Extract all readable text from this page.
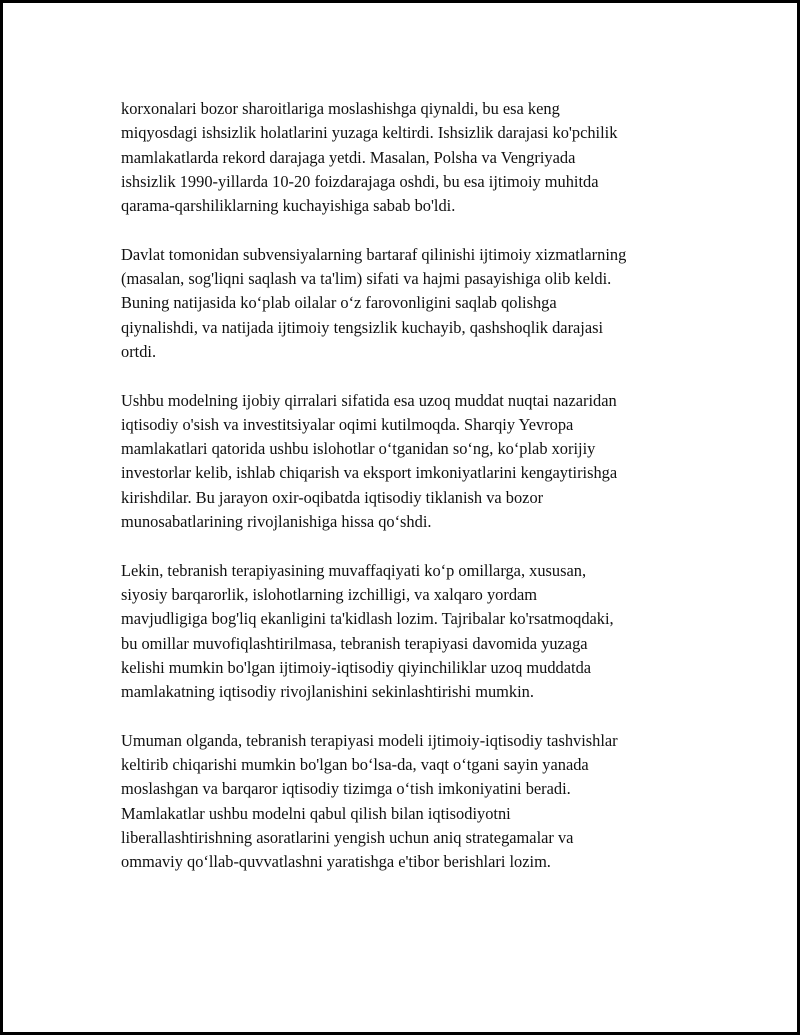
korxonalari bozor sharoitlariga moslashishga qiynaldi, bu esa keng
miqyosdagi ishsizlik holatlarini yuzaga keltirdi. Ishsizlik darajasi ko'pchilik
mamlakatlarda rekord darajaga yetdi. Masalan, Polsha va Vengriyada
ishsizlik 1990-yillarda 10-20 foizdarajaga oshdi, bu esa ijtimoiy muhitda
qarama-qarshiliklarning kuchayishiga sabab bo'ldi.

Davlat tomonidan subvensiyalarning bartaraf qilinishi ijtimoiy xizmatlarning
(masalan, sog'liqni saqlash va ta'lim) sifati va hajmi pasayishiga olib keldi.
Buning natijasida ko‘plab oilalar o‘z farovonligini saqlab qolishga
qiynalishdi, va natijada ijtimoiy tengsizlik kuchayib, qashshoqlik darajasi
ortdi.

Ushbu modelning ijobiy qirralari sifatida esa uzoq muddat nuqtai nazaridan
iqtisodiy o'sish va investitsiyalar oqimi kutilmoqda. Sharqiy Yevropa
mamlakatlari qatorida ushbu islohotlar o‘tganidan so‘ng, ko‘plab xorijiy
investorlar kelib, ishlab chiqarish va eksport imkoniyatlarini kengaytirishga
kirishdilar. Bu jarayon oxir-oqibatda iqtisodiy tiklanish va bozor
munosabatlarining rivojlanishiga hissa qo‘shdi.

Lekin, tebranish terapiyasining muvaffaqiyati ko‘p omillarga, xususan,
siyosiy barqarorlik, islohotlarning izchilligi, va xalqaro yordam
mavjudligiga bog'liq ekanligini ta'kidlash lozim. Tajribalar ko'rsatmoqdaki,
bu omillar muvofiqlashtirilmasa, tebranish terapiyasi davomida yuzaga
kelishi mumkin bo'lgan ijtimoiy-iqtisodiy qiyinchiliklar uzoq muddatda
mamlakatning iqtisodiy rivojlanishini sekinlashtirishi mumkin.

Umuman olganda, tebranish terapiyasi modeli ijtimoiy-iqtisodiy tashvishlar
keltirib chiqarishi mumkin bo'lgan bo‘lsa-da, vaqt o‘tgani sayin yanada
moslashgan va barqaror iqtisodiy tizimga o‘tish imkoniyatini beradi.
Mamlakatlar ushbu modelni qabul qilish bilan iqtisodiyotni
liberallashtirishning asoratlarini yengish uchun aniq strategamalar va
ommaviy qo‘llab-quvvatlashni yaratishga e'tibor berishlari lozim.
